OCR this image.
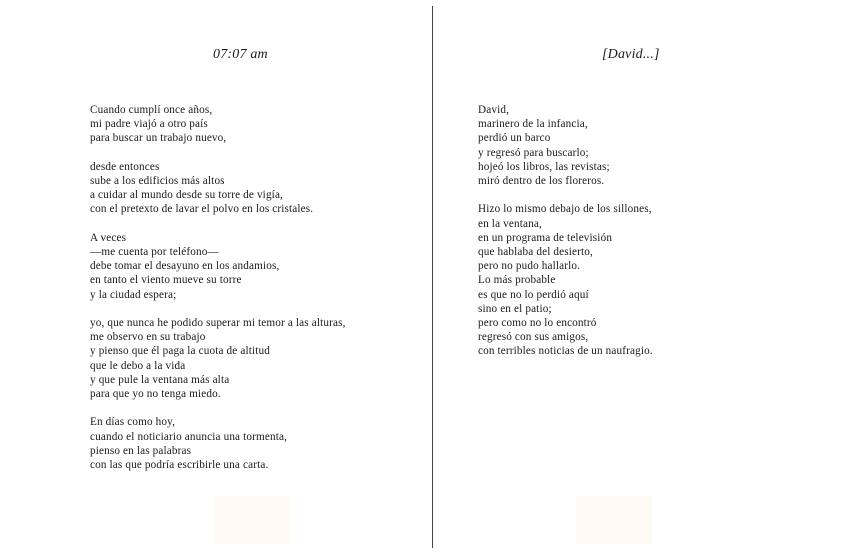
07:07 am

Cuando cumplí once años,
mi padre viajó a otro país
para buscar un trabajo nuevo,

desde entonces
sube a los edificios más altos
a cuidar al mundo desde su torre de vigía,
con el pretexto de lavar el polvo en los cristales.

A veces
—me cuenta por teléfono—
debe tomar el desayuno en los andamios,
en tanto el viento mueve su torre
y la ciudad espera;

yo, que nunca he podido superar mi temor a las alturas,
me observo en su trabajo
y pienso que él paga la cuota de altitud
que le debo a la vida
y que pule la ventana más alta
para que yo no tenga miedo.

En días como hoy,
cuando el noticiario anuncia una tormenta,
pienso en las palabras
con las que podría escribirle una carta.

[David...]

David,
marinero de la infancia,
perdió un barco
y regresó para buscarlo;
hojeó los libros, las revistas;
miró dentro de los floreros.

Hizo lo mismo debajo de los sillones,
en la ventana,
en un programa de televisión
que hablaba del desierto,
pero no pudo hallarlo.
Lo más probable
es que no lo perdió aquí
sino en el patio;
pero como no lo encontró
regresó con sus amigos,
con terribles noticias de un naufragio.
